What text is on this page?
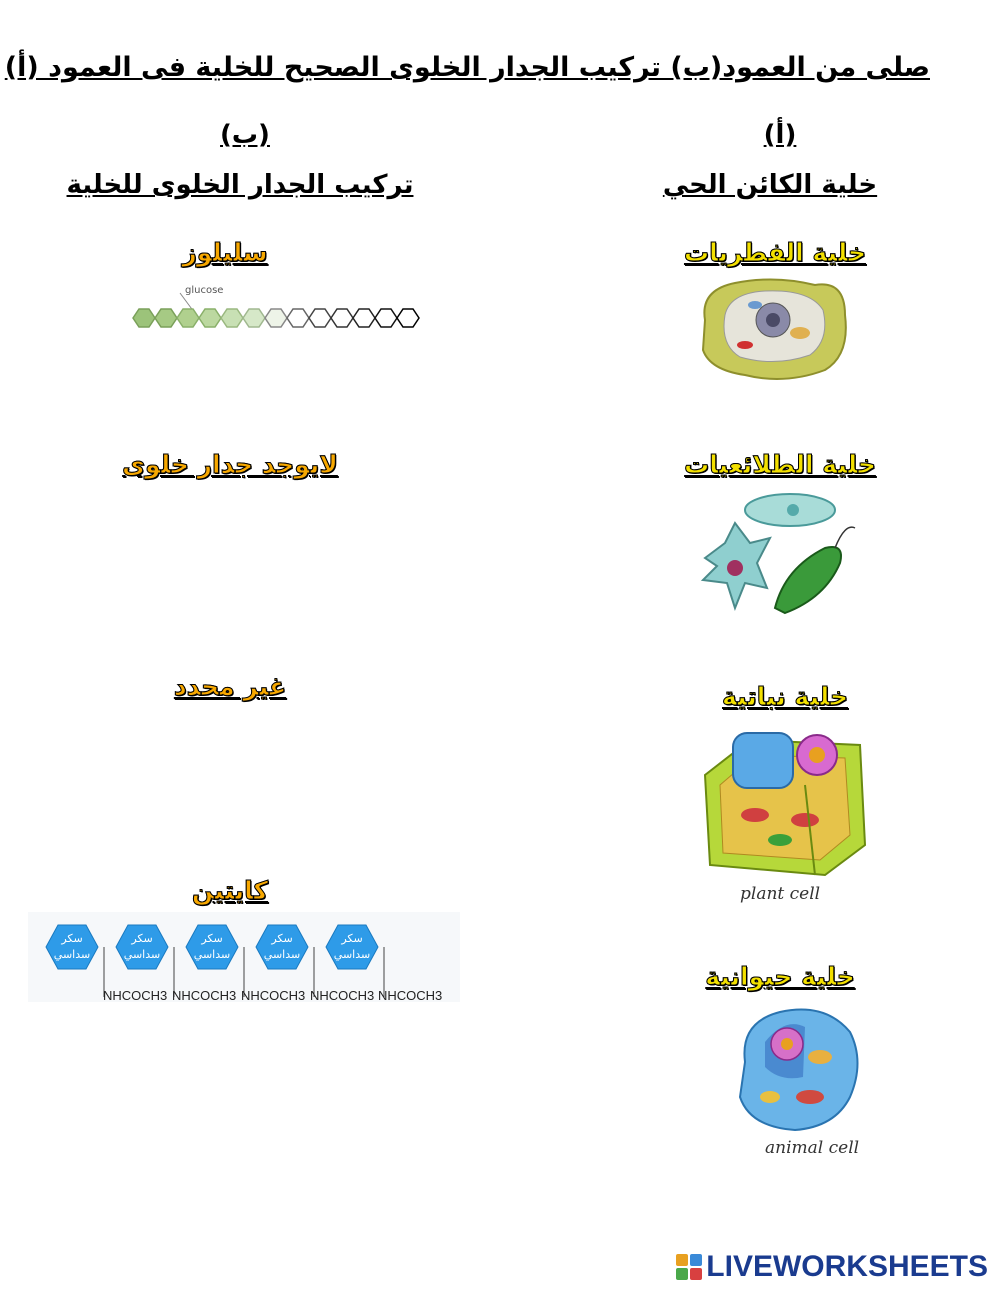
صلى من العمود(ب) تركيب الجدار الخلوى الصحيح للخلية فى العمود (أ)
(أ)
خلية الكائن الحي
(ب)
تركيب الجدار الخلوى للخلية
خلية الفطريات
خلية الطلائعيات
خلية نباتية
خلية حيوانية
plant cell
animal cell
سليلوز
لايوجد جدار خلوى
غير محدد
كايتين
glucose
سكر
سداسي
سكر
سداسي
سكر
سداسي
سكر
سداسي
سكر
سداسي
NHCOCH3 NHCOCH3 NHCOCH3 NHCOCH3 NHCOCH3
LIVEWORKSHEETS
